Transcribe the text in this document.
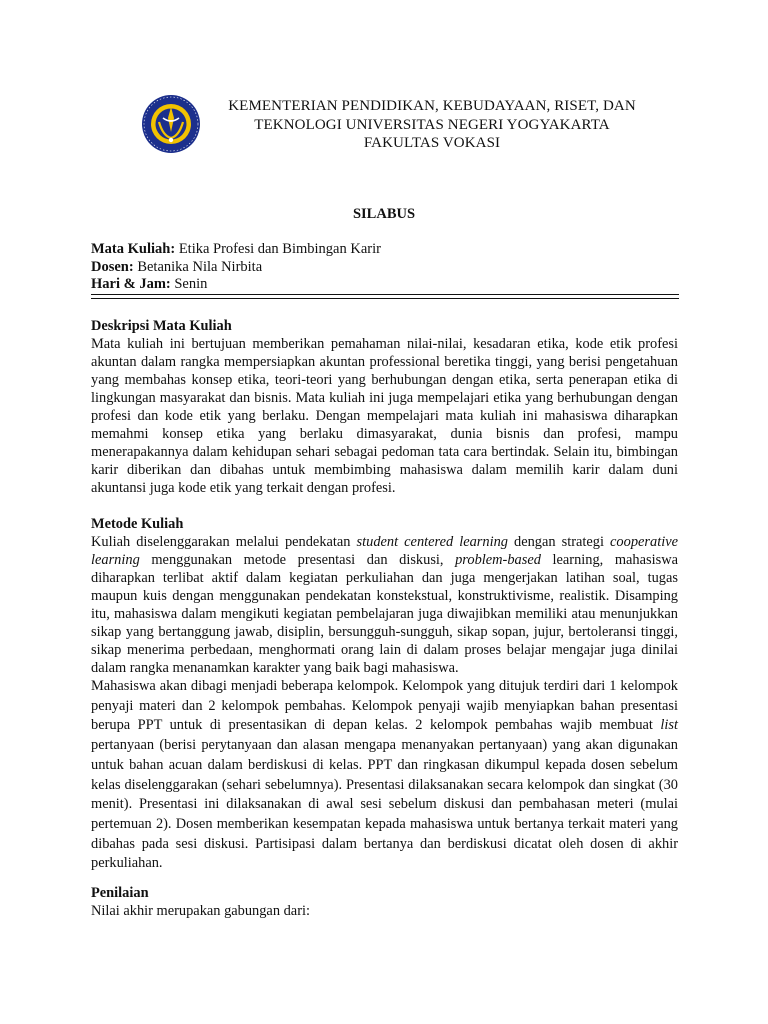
KEMENTERIAN PENDIDIKAN, KEBUDAYAAN, RISET, DAN
TEKNOLOGI UNIVERSITAS NEGERI YOGYAKARTA
FAKULTAS VOKASI
SILABUS
Mata Kuliah: Etika Profesi dan Bimbingan Karir
Dosen: Betanika Nila Nirbita
Hari & Jam: Senin
Deskripsi Mata Kuliah

Mata kuliah ini bertujuan memberikan pemahaman nilai-nilai, kesadaran etika, kode etik profesi akuntan dalam rangka mempersiapkan akuntan professional beretika tinggi, yang berisi pengetahuan yang membahas konsep etika, teori-teori yang berhubungan dengan etika, serta penerapan etika di lingkungan masyarakat dan bisnis. Mata kuliah ini juga mempelajari etika yang berhubungan dengan profesi dan kode etik yang berlaku. Dengan mempelajari mata kuliah ini mahasiswa diharapkan memahmi konsep etika yang berlaku dimasyarakat, dunia bisnis dan profesi, mampu menerapakannya dalam kehidupan sehari sebagai pedoman tata cara bertindak. Selain itu, bimbingan karir diberikan dan dibahas untuk membimbing mahasiswa dalam memilih karir dalam duni akuntansi juga kode etik yang terkait dengan profesi.

Metode Kuliah

Kuliah diselenggarakan melalui pendekatan student centered learning dengan strategi cooperative learning menggunakan metode presentasi dan diskusi, problem-based learning, mahasiswa diharapkan terlibat aktif dalam kegiatan perkuliahan dan juga mengerjakan latihan soal, tugas maupun kuis dengan menggunakan pendekatan konstekstual, konstruktivisme, realistik. Disamping itu, mahasiswa dalam mengikuti kegiatan pembelajaran juga diwajibkan memiliki atau menunjukkan sikap yang bertanggung jawab, disiplin, bersungguh-sungguh, sikap sopan, jujur, bertoleransi tinggi, sikap menerima perbedaan, menghormati orang lain di dalam proses belajar mengajar juga dinilai dalam rangka menanamkan karakter yang baik bagi mahasiswa.

Mahasiswa akan dibagi menjadi beberapa kelompok. Kelompok yang ditujuk terdiri dari 1 kelompok penyaji materi dan 2 kelompok pembahas. Kelompok penyaji wajib menyiapkan bahan presentasi berupa PPT untuk di presentasikan di depan kelas. 2 kelompok pembahas wajib membuat list pertanyaan (berisi perytanyaan dan alasan mengapa menanyakan pertanyaan) yang akan digunakan untuk bahan acuan dalam berdiskusi di kelas. PPT dan ringkasan dikumpul kepada dosen sebelum kelas diselenggarakan (sehari sebelumnya). Presentasi dilaksanakan secara kelompok dan singkat (30 menit). Presentasi ini dilaksanakan di awal sesi sebelum diskusi dan pembahasan meteri (mulai pertemuan 2). Dosen memberikan kesempatan kepada mahasiswa untuk bertanya terkait materi yang dibahas pada sesi diskusi. Partisipasi dalam bertanya dan berdiskusi dicatat oleh dosen di akhir perkuliahan.

Penilaian

Nilai akhir merupakan gabungan dari:
